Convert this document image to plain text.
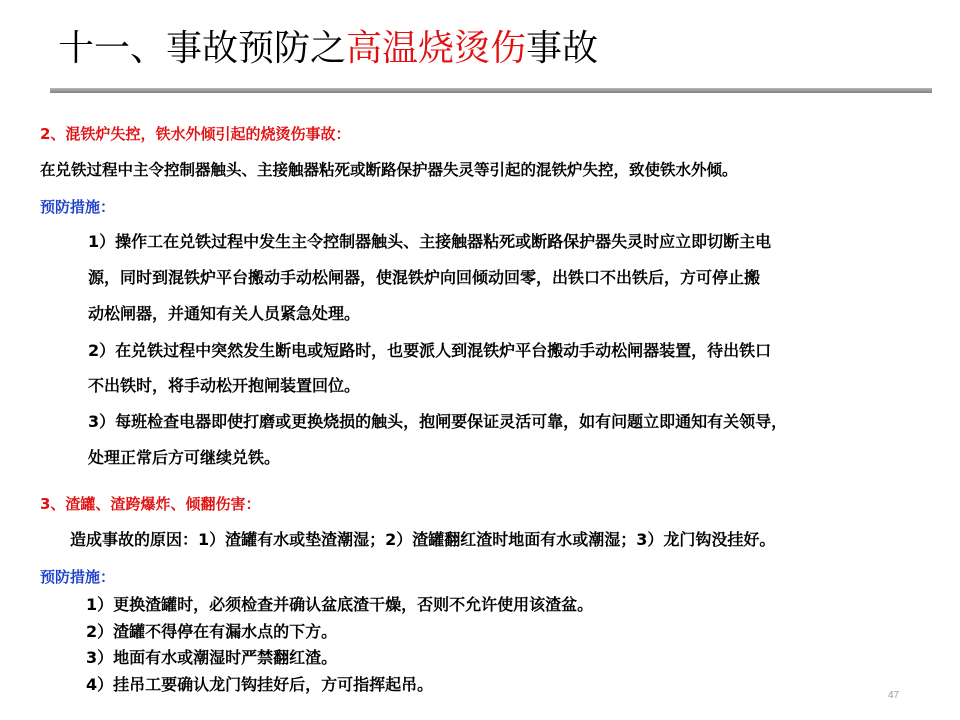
十一、事故预防之高温烧烫伤事故
2、混铁炉失控，铁水外倾引起的烧烫伤事故：
在兑铁过程中主令控制器触头、主接触器粘死或断路保护器失灵等引起的混铁炉失控，致使铁水外倾。
预防措施：
1）操作工在兑铁过程中发生主令控制器触头、主接触器粘死或断路保护器失灵时应立即切断主电
源，同时到混铁炉平台搬动手动松闸器，使混铁炉向回倾动回零，出铁口不出铁后，方可停止搬
动松闸器，并通知有关人员紧急处理。
2）在兑铁过程中突然发生断电或短路时，也要派人到混铁炉平台搬动手动松闸器装置，待出铁口
不出铁时，将手动松开抱闸装置回位。
3）每班检查电器即使打磨或更换烧损的触头，抱闸要保证灵活可靠，如有问题立即通知有关领导，
处理正常后方可继续兑铁。
3、渣罐、渣跨爆炸、倾翻伤害：
造成事故的原因：1）渣罐有水或垫渣潮湿；2）渣罐翻红渣时地面有水或潮湿；3）龙门钩没挂好。
预防措施：
1）更换渣罐时，必须检查并确认盆底渣干燥，否则不允许使用该渣盆。
2）渣罐不得停在有漏水点的下方。
3）地面有水或潮湿时严禁翻红渣。
4）挂吊工要确认龙门钩挂好后，方可指挥起吊。
47
